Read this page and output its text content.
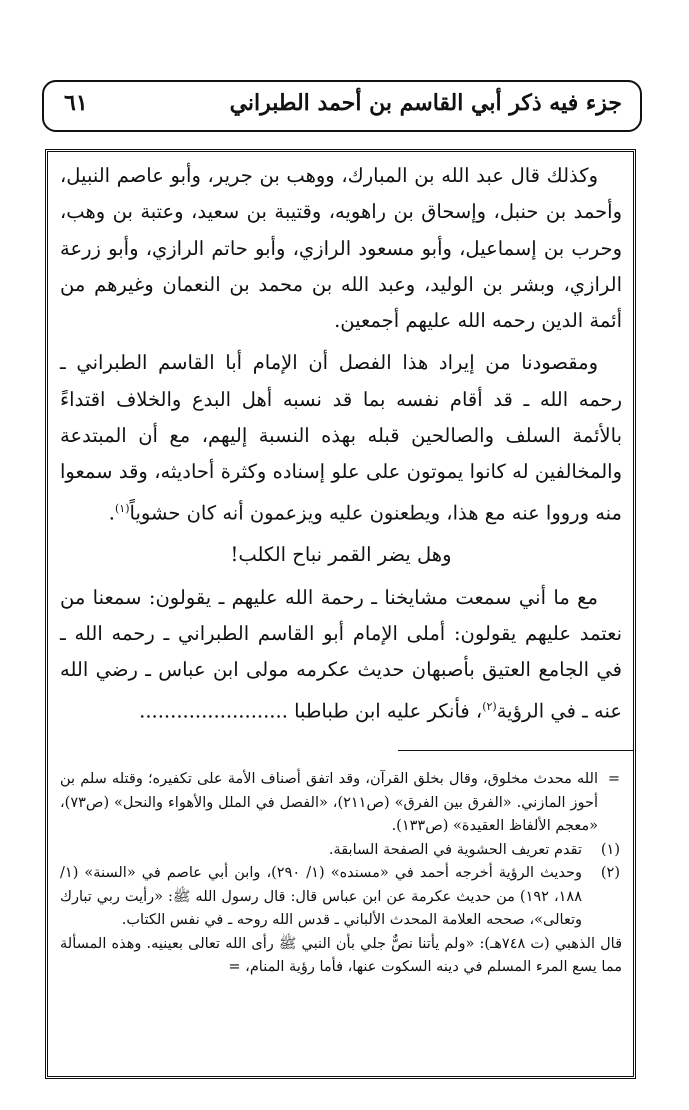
جزء فيه ذكر أبي القاسم بن أحمد الطبراني
٦١

وكذلك قال عبد الله بن المبارك، ووهب بن جرير، وأبو عاصم النبيل، وأحمد بن حنبل، وإسحاق بن راهويه، وقتيبة بن سعيد، وعتبة بن وهب، وحرب بن إسماعيل، وأبو مسعود الرازي، وأبو حاتم الرازي، وأبو زرعة الرازي، وبشر بن الوليد، وعبد الله بن محمد بن النعمان وغيرهم من أئمة الدين رحمه الله عليهم أجمعين.

ومقصودنا من إيراد هذا الفصل أن الإمام أبا القاسم الطبراني ـ رحمه الله ـ قد أقام نفسه بما قد نسبه أهل البدع والخلاف اقتداءً بالأئمة السلف والصالحين قبله بهذه النسبة إليهم، مع أن المبتدعة والمخالفين له كانوا يموتون على علو إسناده وكثرة أحاديثه، وقد سمعوا منه ورووا عنه مع هذا، ويطعنون عليه ويزعمون أنه كان حشوياً$^{(١)}$.

وهل يضر القمر نباح الكلب!

مع ما أني سمعت مشايخنا ـ رحمة الله عليهم ـ يقولون: سمعنا من نعتمد عليهم يقولون: أملى الإمام أبو القاسم الطبراني ـ رحمه الله ـ في الجامع العتيق بأصبهان حديث عكرمه مولى ابن عباس ـ رضي الله عنه ـ في الرؤية$^{(٢)}$، فأنكر عليه ابن طباطبا ........................

=
الله محدث مخلوق، وقال بخلق القرآن، وقد اتفق أصناف الأمة على تكفيره؛ وقتله سلم بن أحوز المازني. «الفرق بين الفرق» (ص٢١١)، «الفصل في الملل والأهواء والنحل» (ص٧٣)، «معجم الألفاظ العقيدة» (ص١٣٣).

(١)
تقدم تعريف الحشوية في الصفحة السابقة.

(٢)
وحديث الرؤية أخرجه أحمد في «مسنده» (١/ ٢٩٠)، وابن أبي عاصم في «السنة» (١/ ١٨٨، ١٩٢) من حديث عكرمة عن ابن عباس قال: قال رسول الله ﷺ: «رأيت ربي تبارك وتعالى»، صححه العلامة المحدث الألباني ـ قدس الله روحه ـ في نفس الكتاب.

قال الذهبي (ت ٧٤٨هـ): «ولم يأتنا نصٌّ جلي بأن النبي ﷺ رأى الله تعالى بعينيه. وهذه المسألة مما يسع المرء المسلم في دينه السكوت عنها، فأما رؤية المنام، =
